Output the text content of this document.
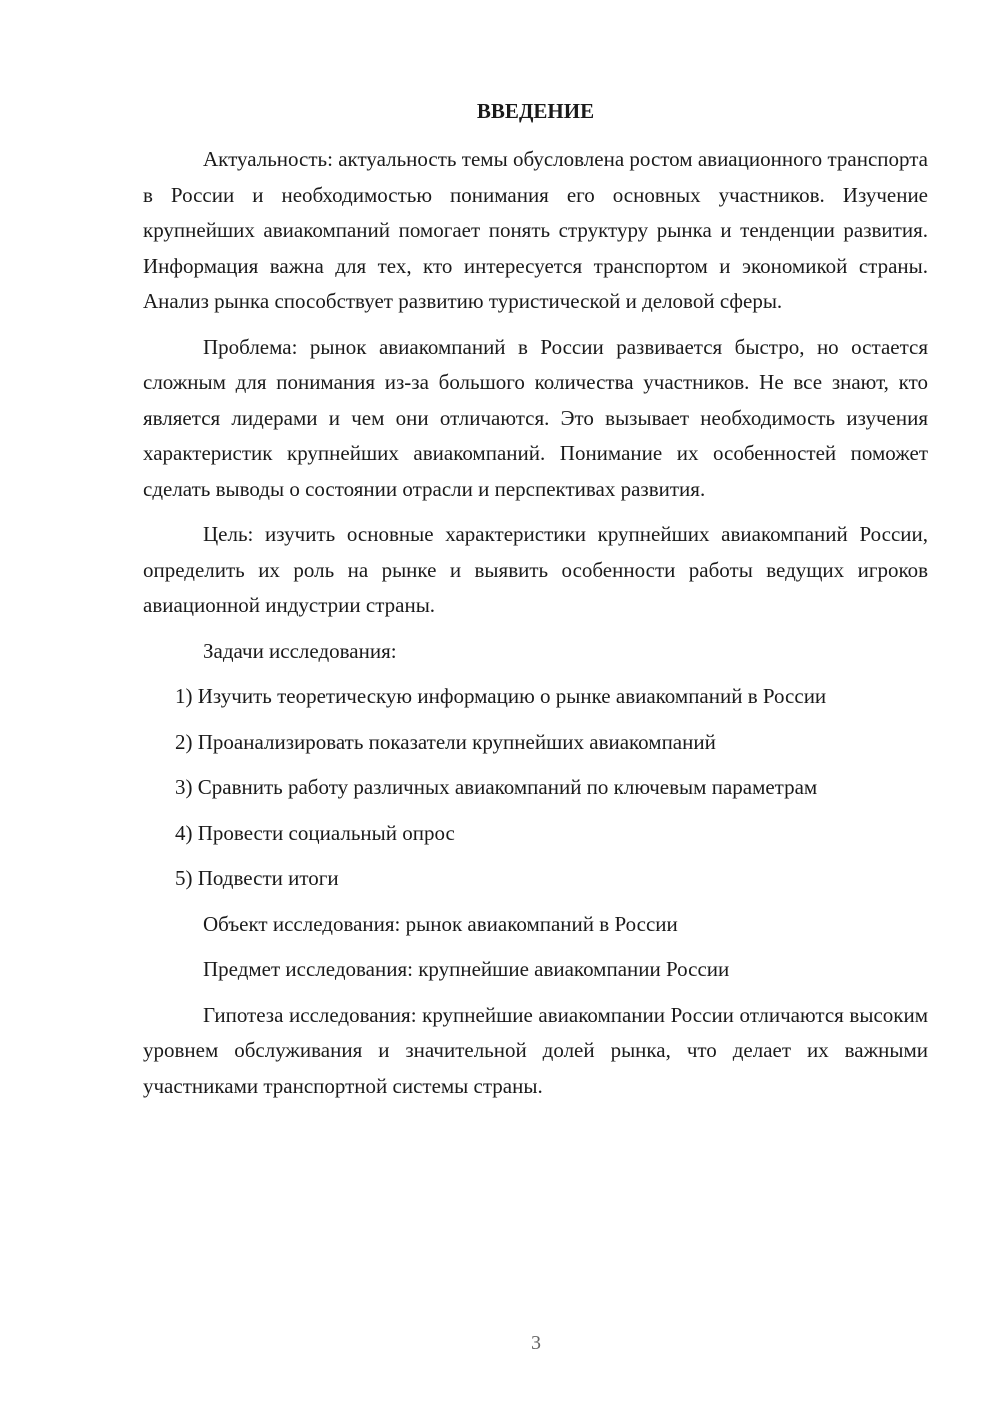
ВВЕДЕНИЕ

Актуальность: актуальность темы обусловлена ростом авиационного транспорта в России и необходимостью понимания его основных участников. Изучение крупнейших авиакомпаний помогает понять структуру рынка и тенденции развития. Информация важна для тех, кто интересуется транспортом и экономикой страны. Анализ рынка способствует развитию туристической и деловой сферы.

Проблема: рынок авиакомпаний в России развивается быстро, но остается сложным для понимания из-за большого количества участников. Не все знают, кто является лидерами и чем они отличаются. Это вызывает необходимость изучения характеристик крупнейших авиакомпаний. Понимание их особенностей поможет сделать выводы о состоянии отрасли и перспективах развития.

Цель: изучить основные характеристики крупнейших авиакомпаний России, определить их роль на рынке и выявить особенности работы ведущих игроков авиационной индустрии страны.

Задачи исследования:

1) Изучить теоретическую информацию о рынке авиакомпаний в России

2) Проанализировать показатели крупнейших авиакомпаний

3) Сравнить работу различных авиакомпаний по ключевым параметрам

4) Провести социальный опрос

5) Подвести итоги

Объект исследования: рынок авиакомпаний в России

Предмет исследования: крупнейшие авиакомпании России

Гипотеза исследования: крупнейшие авиакомпании России отличаются высоким уровнем обслуживания и значительной долей рынка, что делает их важными участниками транспортной системы страны.

3
